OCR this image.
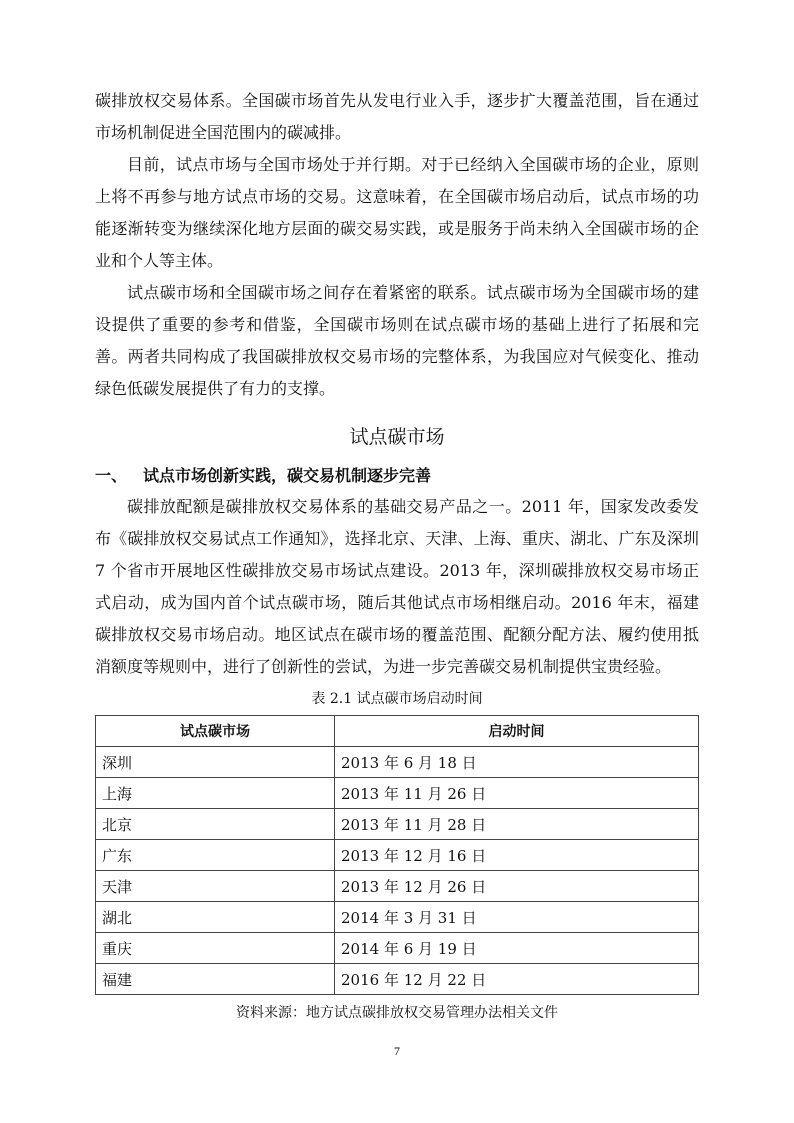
碳排放权交易体系。全国碳市场首先从发电行业入手，逐步扩大覆盖范围，旨在通过市场机制促进全国范围内的碳减排。

目前，试点市场与全国市场处于并行期。对于已经纳入全国碳市场的企业，原则上将不再参与地方试点市场的交易。这意味着，在全国碳市场启动后，试点市场的功能逐渐转变为继续深化地方层面的碳交易实践，或是服务于尚未纳入全国碳市场的企业和个人等主体。

试点碳市场和全国碳市场之间存在着紧密的联系。试点碳市场为全国碳市场的建设提供了重要的参考和借鉴，全国碳市场则在试点碳市场的基础上进行了拓展和完善。两者共同构成了我国碳排放权交易市场的完整体系，为我国应对气候变化、推动绿色低碳发展提供了有力的支撑。

试点碳市场
一、 试点市场创新实践，碳交易机制逐步完善

碳排放配额是碳排放权交易体系的基础交易产品之一。2011 年，国家发改委发布《碳排放权交易试点工作通知》，选择北京、天津、上海、重庆、湖北、广东及深圳 7 个省市开展地区性碳排放交易市场试点建设。2013 年，深圳碳排放权交易市场正式启动，成为国内首个试点碳市场，随后其他试点市场相继启动。2016 年末，福建碳排放权交易市场启动。地区试点在碳市场的覆盖范围、配额分配方法、履约使用抵消额度等规则中，进行了创新性的尝试，为进一步完善碳交易机制提供宝贵经验。

表 2.1 试点碳市场启动时间
试点碳市场	启动时间
深圳	2013 年 6 月 18 日
上海	2013 年 11 月 26 日
北京	2013 年 11 月 28 日
广东	2013 年 12 月 16 日
天津	2013 年 12 月 26 日
湖北	2014 年 3 月 31 日
重庆	2014 年 6 月 19 日
福建	2016 年 12 月 22 日
资料来源：地方试点碳排放权交易管理办法相关文件
7
